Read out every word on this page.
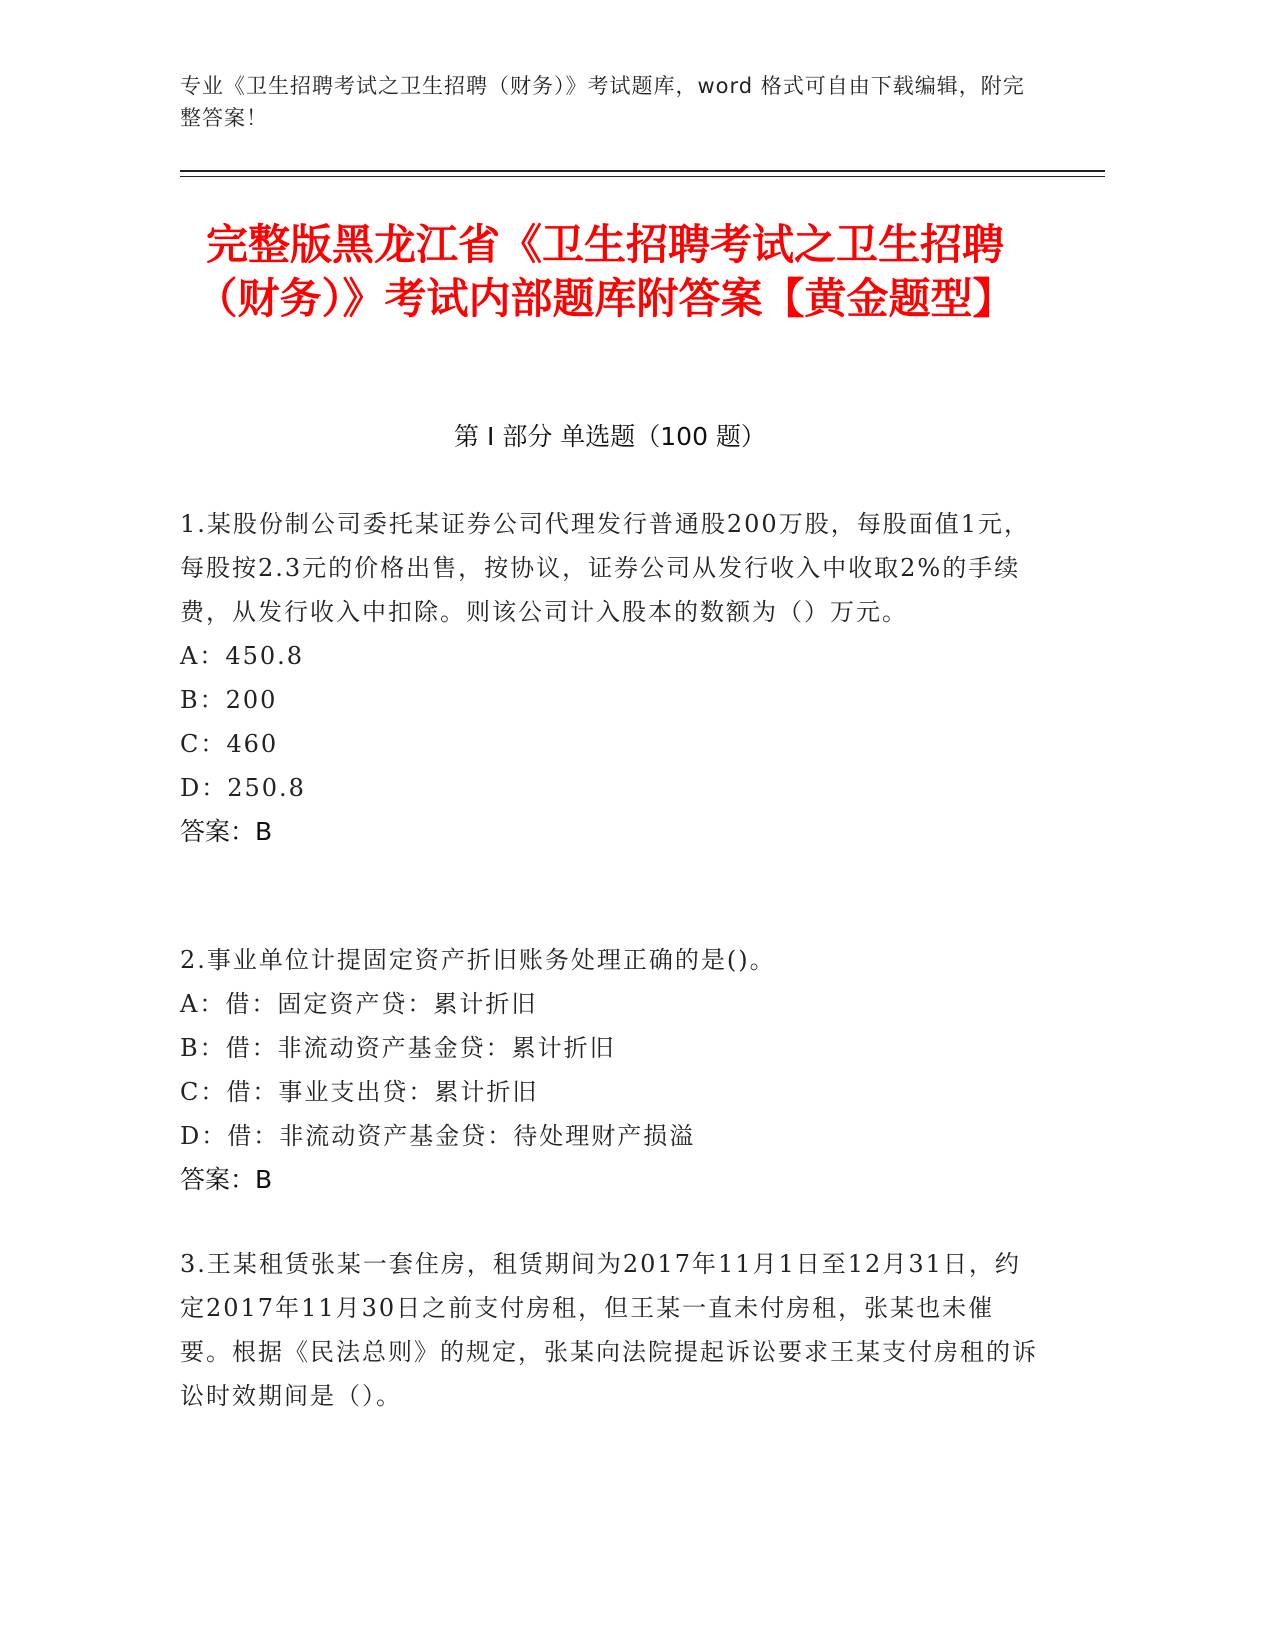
专业《卫生招聘考试之卫生招聘（财务）》考试题库，word 格式可自由下载编辑，附完整答案！
完整版黑龙江省《卫生招聘考试之卫生招聘（财务）》考试内部题库附答案【黄金题型】
第 I 部分 单选题（100 题）

1.某股份制公司委托某证券公司代理发行普通股200万股，每股面值1元，每股按2.3元的价格出售，按协议，证券公司从发行收入中收取2%的手续费，从发行收入中扣除。则该公司计入股本的数额为（）万元。

A：450.8

B：200

C：460

D：250.8

答案：B

2.事业单位计提固定资产折旧账务处理正确的是()。

A：借：固定资产贷：累计折旧

B：借：非流动资产基金贷：累计折旧

C：借：事业支出贷：累计折旧

D：借：非流动资产基金贷：待处理财产损溢

答案：B

3.王某租赁张某一套住房，租赁期间为2017年11月1日至12月31日，约定2017年11月30日之前支付房租，但王某一直未付房租，张某也未催要。根据《民法总则》的规定，张某向法院提起诉讼要求王某支付房租的诉讼时效期间是（）。
